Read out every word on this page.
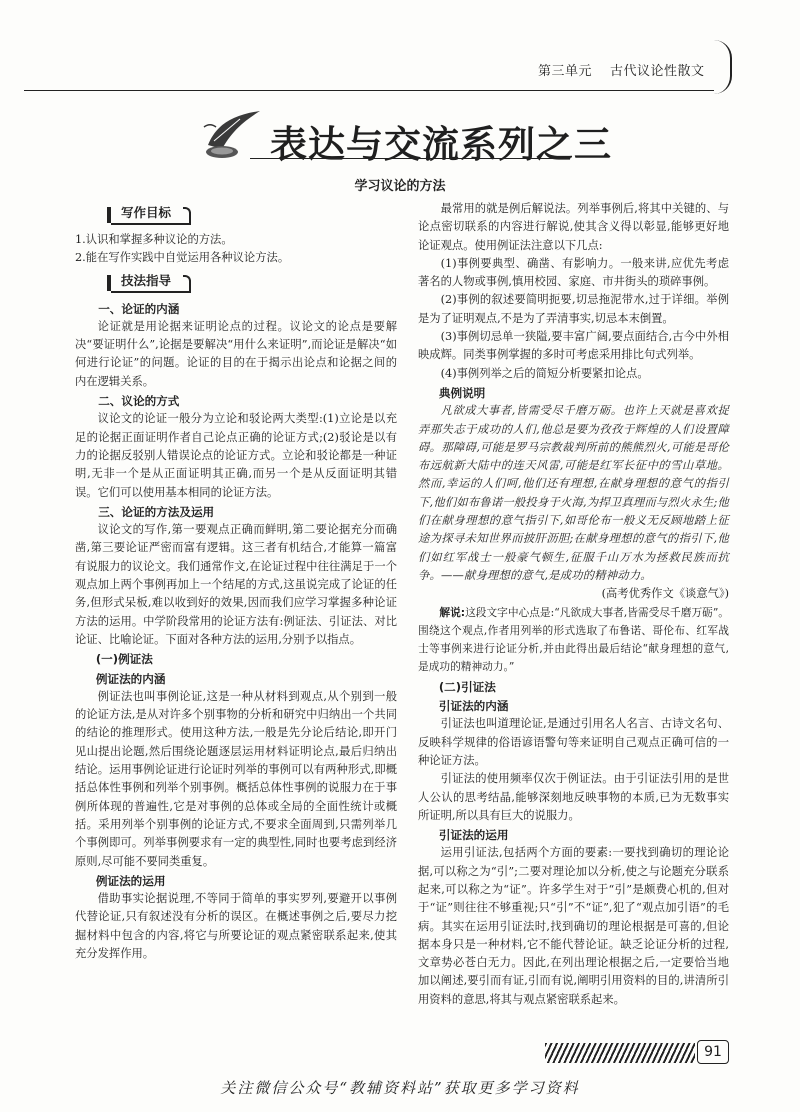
第三单元 古代议论性散文
表达与交流系列之三
学习议论的方法
写作目标

1.认识和掌握多种议论的方法。

2.能在写作实践中自觉运用各种议论方法。

技法指导
一、论证的内涵

论证就是用论据来证明论点的过程。议论文的论点是要解决“要证明什么”,论据是要解决“用什么来证明”,而论证是解决“如何进行论证”的问题。论证的目的在于揭示出论点和论据之间的内在逻辑关系。

二、议论的方式

议论文的论证一般分为立论和驳论两大类型:(1)立论是以充足的论据正面证明作者自己论点正确的论证方式;(2)驳论是以有力的论据反驳别人错误论点的论证方式。立论和驳论都是一种证明,无非一个是从正面证明其正确,而另一个是从反面证明其错误。它们可以使用基本相同的论证方法。

三、论证的方法及运用

议论文的写作,第一要观点正确而鲜明,第二要论据充分而确凿,第三要论证严密而富有逻辑。这三者有机结合,才能算一篇富有说服力的议论文。我们通常作文,在论证过程中往往满足于一个观点加上两个事例再加上一个结尾的方式,这虽说完成了论证的任务,但形式呆板,难以收到好的效果,因而我们应学习掌握多种论证方法的运用。中学阶段常用的论证方法有:例证法、引证法、对比论证、比喻论证。下面对各种方法的运用,分别予以指点。

(一)例证法
例证法的内涵

例证法也叫事例论证,这是一种从材料到观点,从个别到一般的论证方法,是从对许多个别事物的分析和研究中归纳出一个共同的结论的推理形式。使用这种方法,一般是先分论后结论,即开门见山提出论题,然后围绕论题逐层运用材料证明论点,最后归纳出结论。运用事例论证进行论证时列举的事例可以有两种形式,即概括总体性事例和列举个别事例。概括总体性事例的说服力在于事例所体现的普遍性,它是对事例的总体或全局的全面性统计或概括。采用列举个别事例的论证方式,不要求全面周到,只需列举几个事例即可。列举事例要求有一定的典型性,同时也要考虑到经济原则,尽可能不要同类重复。

例证法的运用

借助事实论据说理,不等同于简单的事实罗列,要避开以事例代替论证,只有叙述没有分析的误区。在概述事例之后,要尽力挖掘材料中包含的内容,将它与所要论证的观点紧密联系起来,使其充分发挥作用。

最常用的就是例后解说法。列举事例后,将其中关键的、与论点密切联系的内容进行解说,使其含义得以彰显,能够更好地论证观点。使用例证法注意以下几点:

(1)事例要典型、确凿、有影响力。一般来讲,应优先考虑著名的人物或事例,慎用校园、家庭、市井街头的琐碎事例。

(2)事例的叙述要简明扼要,切忌拖泥带水,过于详细。举例是为了证明观点,不是为了弄清事实,切忌本末倒置。

(3)事例切忌单一狭隘,要丰富广阔,要点面结合,古今中外相映成辉。同类事例掌握的多时可考虑采用排比句式列举。

(4)事例列举之后的简短分析要紧扣论点。

典例说明

凡欲成大事者,皆需受尽千磨万砺。也许上天就是喜欢捉弄那失志于成功的人们,他总是要为孜孜于辉煌的人们设置障碍。那障碍,可能是罗马宗教裁判所前的熊熊烈火,可能是哥伦布远航新大陆中的连天风雷,可能是红军长征中的雪山草地。然而,幸运的人们呵,他们还有理想,在献身理想的意气的指引下,他们如布鲁诺一般投身于火海,为捍卫真理而与烈火永生;他们在献身理想的意气指引下,如哥伦布一般义无反顾地踏上征途为探寻未知世界而披肝沥胆;在献身理想的意气的指引下,他们如红军战士一般豪气顿生,征服千山万水为拯救民族而抗争。——献身理想的意气,是成功的精神动力。

(高考优秀作文《谈意气》)

解说:这段文字中心点是:“凡欲成大事者,皆需受尽千磨万砺”。围绕这个观点,作者用列举的形式选取了布鲁诺、哥伦布、红军战士等事例来进行论证分析,并由此得出最后结论“献身理想的意气,是成功的精神动力。”

(二)引证法
引证法的内涵

引证法也叫道理论证,是通过引用名人名言、古诗文名句、反映科学规律的俗语谚语警句等来证明自己观点正确可信的一种论证方法。

引证法的使用频率仅次于例证法。由于引证法引用的是世人公认的思考结晶,能够深刻地反映事物的本质,已为无数事实所证明,所以具有巨大的说服力。

引证法的运用

运用引证法,包括两个方面的要素:一要找到确切的理论论据,可以称之为“引”;二要对理论加以分析,使之与论题充分联系起来,可以称之为“证”。许多学生对于“引”是颇费心机的,但对于“证”则往往不够重视;只“引”不“证”,犯了“观点加引语”的毛病。其实在运用引证法时,找到确切的理论根据是可喜的,但论据本身只是一种材料,它不能代替论证。缺乏论证分析的过程,文章势必苍白无力。因此,在列出理论根据之后,一定要恰当地加以阐述,要引而有证,引而有说,阐明引用资料的目的,讲清所引用资料的意思,将其与观点紧密联系起来。

91
关注微信公众号“教辅资料站”获取更多学习资料
